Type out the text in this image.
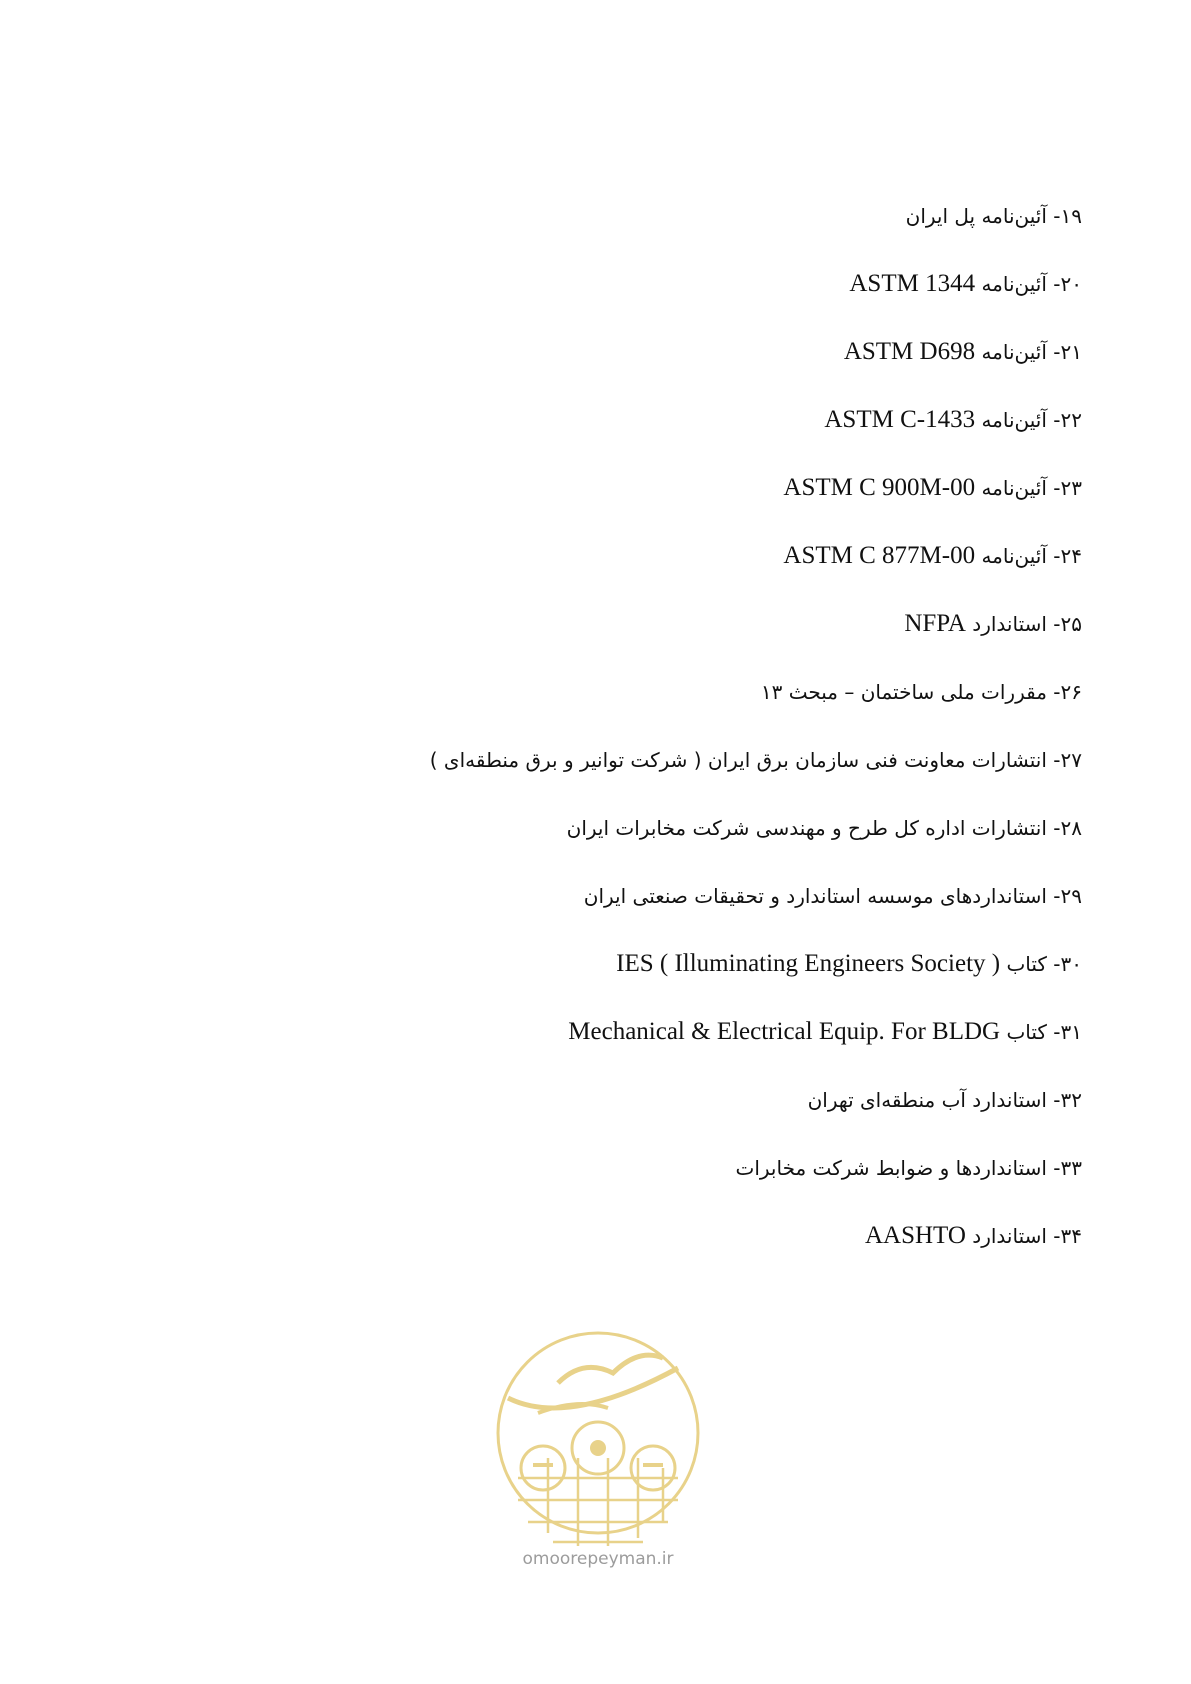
۱۹- آئین‌نامه پل ایران
۲۰- آئین‌نامه ASTM 1344
۲۱- آئین‌نامه ASTM D698
۲۲- آئین‌نامه ASTM C-1433
۲۳- آئین‌نامه ASTM C 900M-00
۲۴- آئین‌نامه ASTM C 877M-00
۲۵- استاندارد NFPA
۲۶- مقررات ملی ساختمان – مبحث ۱۳
۲۷- انتشارات معاونت فنی سازمان برق ایران ( شرکت توانیر و برق منطقه‌ای )
۲۸- انتشارات اداره کل طرح و مهندسی شرکت مخابرات ایران
۲۹- استانداردهای موسسه استاندارد و تحقیقات صنعتی ایران
۳۰- کتاب IES ( Illuminating Engineers Society )
۳۱- کتاب Mechanical & Electrical Equip. For BLDG
۳۲- استاندارد آب منطقه‌ای تهران
۳۳- استانداردها و ضوابط شرکت مخابرات
۳۴- استاندارد AASHTO
omoorepeyman.ir
